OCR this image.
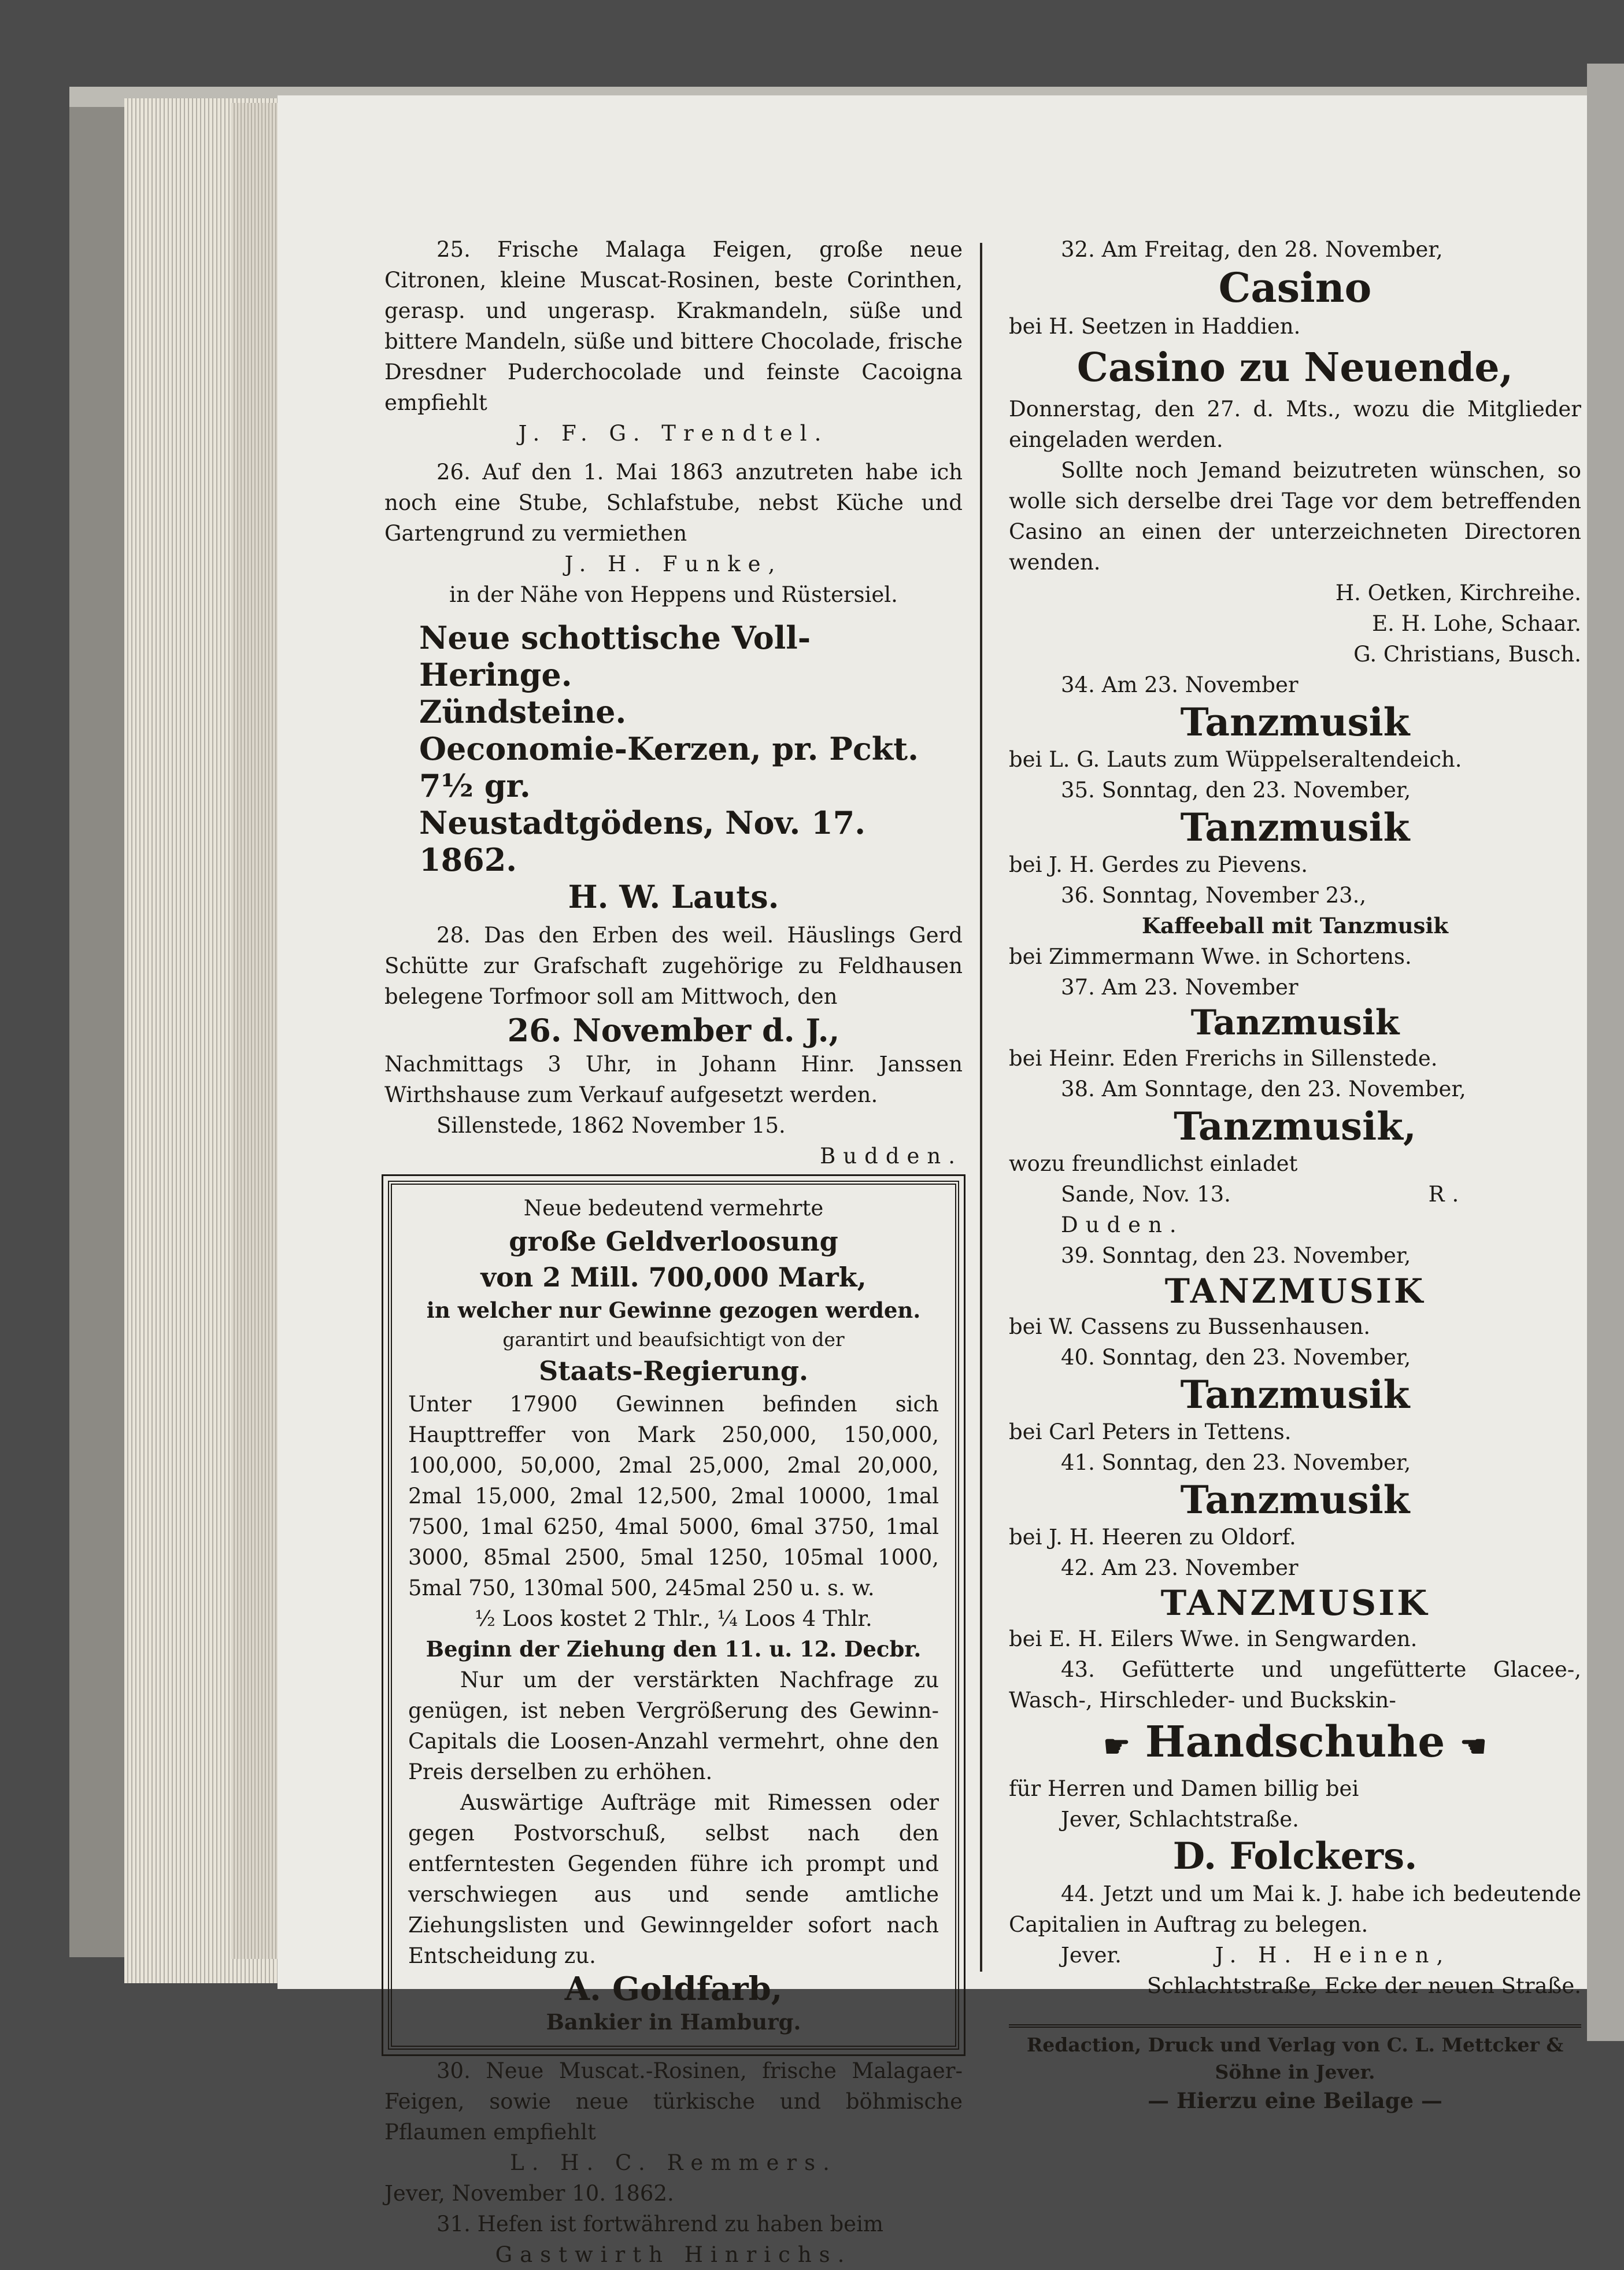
25. Frische Malaga Feigen, große neue Citronen, kleine Muscat-Rosinen, beste Corinthen, gerasp. und ungerasp. Krakmandeln, süße und bittere Mandeln, süße und bittere Chocolade, frische Dresdner Puderchocolade und feinste Cacoigna empfiehlt

J. F. G. Trendtel.

26. Auf den 1. Mai 1863 anzutreten habe ich noch eine Stube, Schlafstube, nebst Küche und Gartengrund zu vermiethen

J. H. Funke,

in der Nähe von Heppens und Rüstersiel.

Neue schottische Voll-Heringe.

Zündsteine.

Oeconomie-Kerzen, pr. Pckt. 7½ gr.

Neustadtgödens, Nov. 17. 1862.

H. W. Lauts.

28. Das den Erben des weil. Häuslings Gerd Schütte zur Grafschaft zugehörige zu Feldhausen belegene Torfmoor soll am Mittwoch, den

26. November d. J.,

Nachmittags 3 Uhr, in Johann Hinr. Janssen Wirthshause zum Verkauf aufgesetzt werden.

Sillenstede, 1862 November 15.

Budden.

Neue bedeutend vermehrte

große Geldverloosung

von 2 Mill. 700,000 Mark,

in welcher nur Gewinne gezogen werden.

garantirt und beaufsichtigt von der

Staats-Regierung.

Unter 17900 Gewinnen befinden sich Haupttreffer von Mark 250,000, 150,000, 100,000, 50,000, 2mal 25,000, 2mal 20,000, 2mal 15,000, 2mal 12,500, 2mal 10000, 1mal 7500, 1mal 6250, 4mal 5000, 6mal 3750, 1mal 3000, 85mal 2500, 5mal 1250, 105mal 1000, 5mal 750, 130mal 500, 245mal 250 u. s. w.

½ Loos kostet 2 Thlr., ¼ Loos 4 Thlr.

Beginn der Ziehung den 11. u. 12. Decbr.

Nur um der verstärkten Nachfrage zu genügen, ist neben Vergrößerung des Gewinn-Capitals die Loosen-Anzahl vermehrt, ohne den Preis derselben zu erhöhen.

Auswärtige Aufträge mit Rimessen oder gegen Postvorschuß, selbst nach den entferntesten Gegenden führe ich prompt und verschwiegen aus und sende amtliche Ziehungslisten und Gewinngelder sofort nach Entscheidung zu.

A. Goldfarb,

Bankier in Hamburg.

30. Neue Muscat.-Rosinen, frische Malagaer-Feigen, sowie neue türkische und böhmische Pflaumen empfiehlt

L. H. C. Remmers.

Jever, November 10. 1862.

31. Hefen ist fortwährend zu haben beim

Gastwirth Hinrichs.

32. Am Freitag, den 28. November,

Casino

bei H. Seetzen in Haddien.

Casino zu Neuende,

Donnerstag, den 27. d. Mts., wozu die Mitglieder eingeladen werden.

Sollte noch Jemand beizutreten wünschen, so wolle sich derselbe drei Tage vor dem betreffenden Casino an einen der unterzeichneten Directoren wenden.

H. Oetken, Kirchreihe.

E. H. Lohe, Schaar.

G. Christians, Busch.

34. Am 23. November

Tanzmusik

bei L. G. Lauts zum Wüppelseraltendeich.

35. Sonntag, den 23. November,

Tanzmusik

bei J. H. Gerdes zu Pievens.

36. Sonntag, November 23.,

Kaffeeball mit Tanzmusik

bei Zimmermann Wwe. in Schortens.

37. Am 23. November

Tanzmusik

bei Heinr. Eden Frerichs in Sillenstede.

38. Am Sonntage, den 23. November,

Tanzmusik,

wozu freundlichst einladet

Sande, Nov. 13.	R. Duden.

39. Sonntag, den 23. November,

TANZMUSIK

bei W. Cassens zu Bussenhausen.

40. Sonntag, den 23. November,

Tanzmusik

bei Carl Peters in Tettens.

41. Sonntag, den 23. November,

Tanzmusik

bei J. H. Heeren zu Oldorf.

42. Am 23. November

TANZMUSIK

bei E. H. Eilers Wwe. in Sengwarden.

43. Gefütterte und ungefütterte Glacee-, Wasch-, Hirschleder- und Buckskin-

☛ Handschuhe ☚

für Herren und Damen billig bei

Jever, Schlachtstraße.

D. Folckers.

44. Jetzt und um Mai k. J. habe ich bedeutende Capitalien in Auftrag zu belegen.

Jever.	J. H. Heinen,

Schlachtstraße, Ecke der neuen Straße.

Redaction, Druck und Verlag von C. L. Mettcker & Söhne in Jever.

— Hierzu eine Beilage —
